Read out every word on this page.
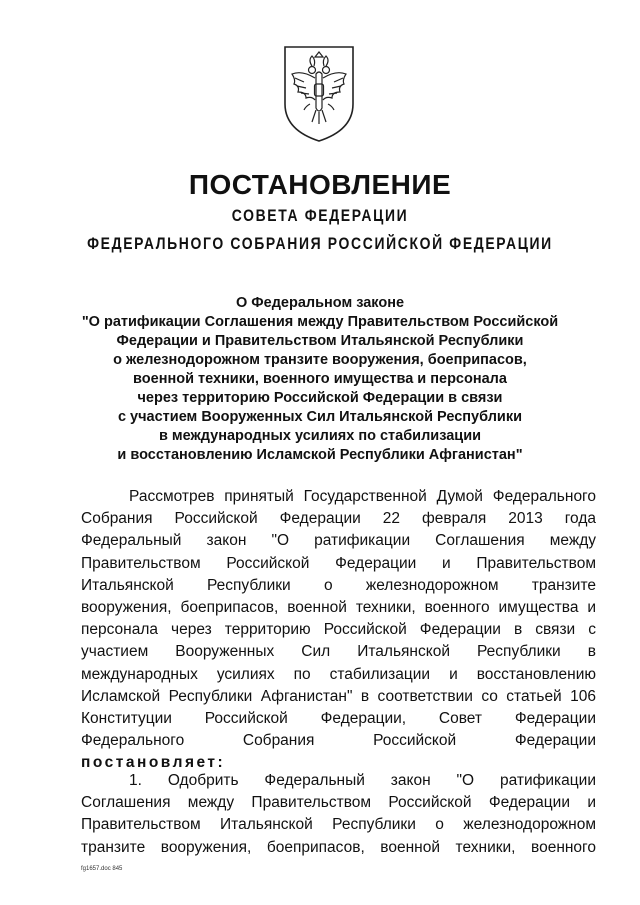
ПОСТАНОВЛЕНИЕ
СОВЕТА ФЕДЕРАЦИИ
ФЕДЕРАЛЬНОГО СОБРАНИЯ РОССИЙСКОЙ ФЕДЕРАЦИИ
О Федеральном законе
"О ратификации Соглашения между Правительством Российской
Федерации и Правительством Итальянской Республики
о железнодорожном транзите вооружения, боеприпасов,
военной техники, военного имущества и персонала
через территорию Российской Федерации в связи
с участием Вооруженных Сил Итальянской Республики
в международных усилиях по стабилизации
и восстановлению Исламской Республики Афганистан"
Рассмотрев принятый Государственной Думой Федерального
Собрания Российской Федерации 22 февраля 2013 года
Федеральный закон "О ратификации Соглашения между
Правительством Российской Федерации и Правительством
Итальянской Республики о железнодорожном транзите
вооружения, боеприпасов, военной техники, военного имущества и
персонала через территорию Российской Федерации в связи с
участием Вооруженных Сил Итальянской Республики в
международных усилиях по стабилизации и восстановлению
Исламской Республики Афганистан" в соответствии со статьей 106
Конституции Российской Федерации, Совет Федерации
Федерального Собрания Российской Федерации
постановляет:
1. Одобрить Федеральный закон "О ратификации
Соглашения между Правительством Российской Федерации и
Правительством Итальянской Республики о железнодорожном
транзите вооружения, боеприпасов, военной техники, военного
fg1657.doc 845
